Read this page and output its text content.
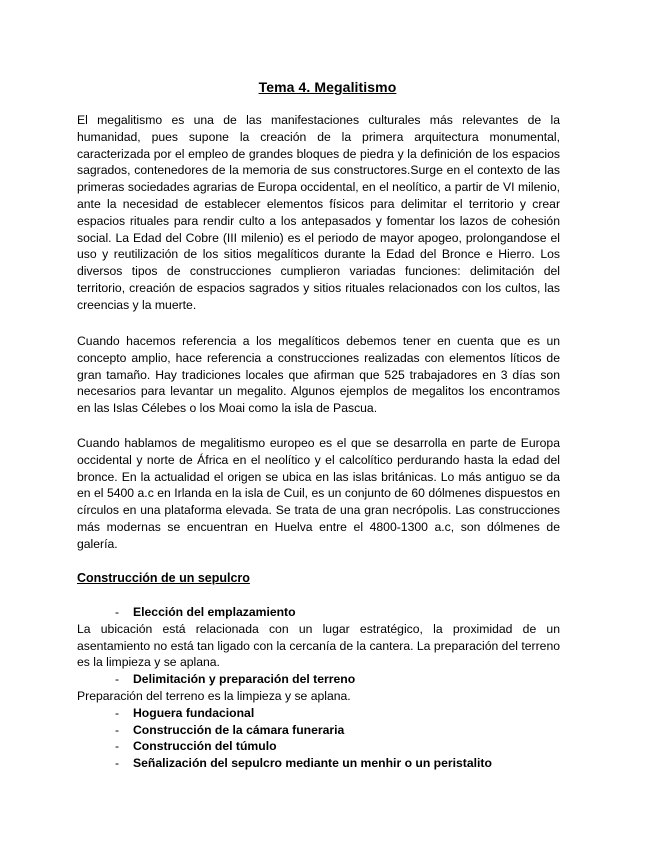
Tema 4. Megalitismo

El megalitismo es una de las manifestaciones culturales más relevantes de la humanidad, pues supone la creación de la primera arquitectura monumental, caracterizada por el empleo de grandes bloques de piedra y la definición de los espacios sagrados, contenedores de la memoria de sus constructores.Surge en el contexto de las primeras sociedades agrarias de Europa occidental, en el neolítico, a partir de VI milenio, ante la necesidad de establecer elementos físicos para delimitar el territorio y crear espacios rituales para rendir culto a los antepasados y fomentar los lazos de cohesión social. La Edad del Cobre (III milenio) es el periodo de mayor apogeo, prolongandose el uso y reutilización de los sitios megalíticos durante la Edad del Bronce e Hierro. Los diversos tipos de construcciones cumplieron variadas funciones: delimitación del territorio, creación de espacios sagrados y sitios rituales relacionados con los cultos, las creencias y la muerte.

Cuando hacemos referencia a los megalíticos debemos tener en cuenta que es un concepto amplio, hace referencia a construcciones realizadas con elementos líticos de gran tamaño. Hay tradiciones locales que afirman que 525 trabajadores en 3 días son necesarios para levantar un megalito. Algunos ejemplos de megalitos los encontramos en las Islas Célebes o los Moai como la isla de Pascua.

Cuando hablamos de megalitismo europeo es el que se desarrolla en parte de Europa occidental y norte de África en el neolítico y el calcolítico perdurando hasta la edad del bronce. En la actualidad el origen se ubica en las islas británicas. Lo más antiguo se da en el 5400 a.c en Irlanda en la isla de Cuil, es un conjunto de 60 dólmenes dispuestos en círculos en una plataforma elevada. Se trata de una gran necrópolis. Las construcciones más modernas se encuentran en Huelva entre el 4800-1300 a.c, son dólmenes de galería.

Construcción de un sepulcro
- Elección del emplazamiento

La ubicación está relacionada con un lugar estratégico, la proximidad de un asentamiento no está tan ligado con la cercanía de la cantera. La preparación del terreno es la limpieza y se aplana.

- Delimitación y preparación del terreno

Preparación del terreno es la limpieza y se aplana.

- Hoguera fundacional
- Construcción de la cámara funeraria
- Construcción del túmulo
- Señalización del sepulcro mediante un menhir o un peristalito
